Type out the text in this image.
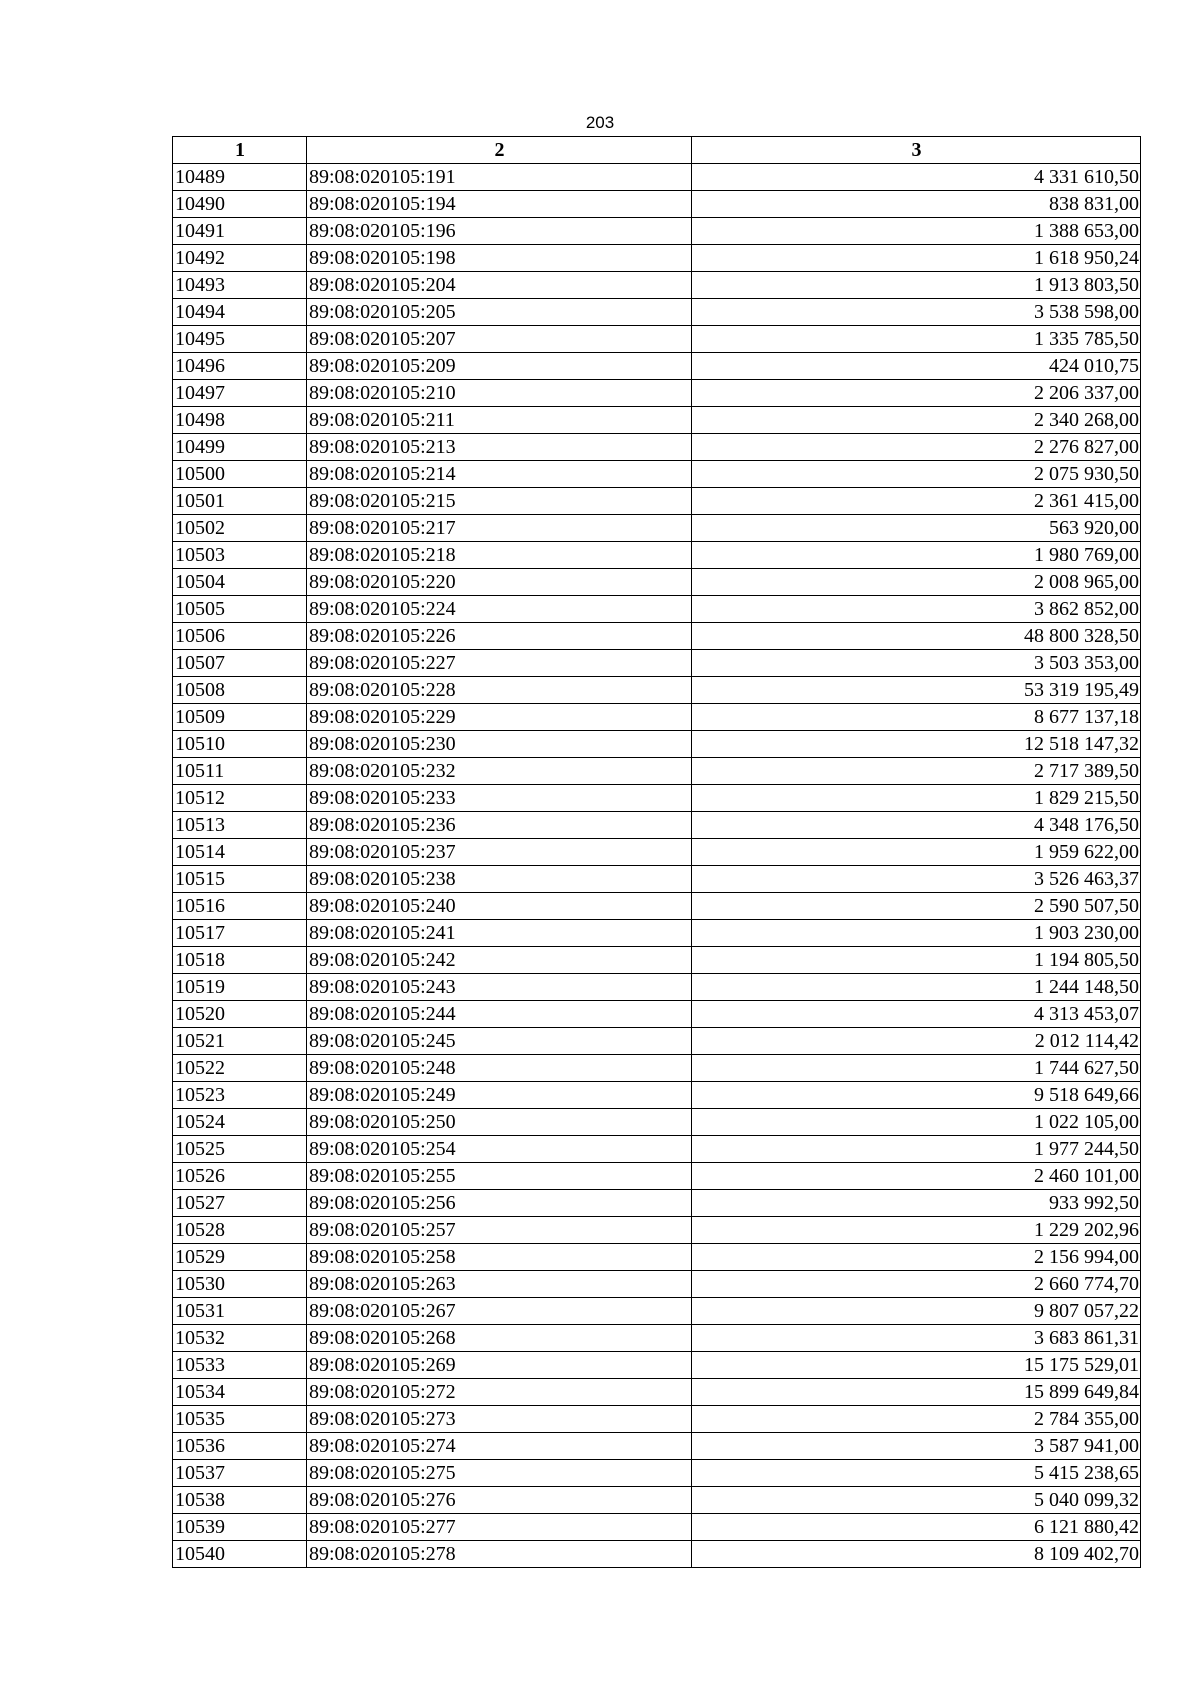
203
1	2	3
10489	89:08:020105:191	4 331 610,50
10490	89:08:020105:194	838 831,00
10491	89:08:020105:196	1 388 653,00
10492	89:08:020105:198	1 618 950,24
10493	89:08:020105:204	1 913 803,50
10494	89:08:020105:205	3 538 598,00
10495	89:08:020105:207	1 335 785,50
10496	89:08:020105:209	424 010,75
10497	89:08:020105:210	2 206 337,00
10498	89:08:020105:211	2 340 268,00
10499	89:08:020105:213	2 276 827,00
10500	89:08:020105:214	2 075 930,50
10501	89:08:020105:215	2 361 415,00
10502	89:08:020105:217	563 920,00
10503	89:08:020105:218	1 980 769,00
10504	89:08:020105:220	2 008 965,00
10505	89:08:020105:224	3 862 852,00
10506	89:08:020105:226	48 800 328,50
10507	89:08:020105:227	3 503 353,00
10508	89:08:020105:228	53 319 195,49
10509	89:08:020105:229	8 677 137,18
10510	89:08:020105:230	12 518 147,32
10511	89:08:020105:232	2 717 389,50
10512	89:08:020105:233	1 829 215,50
10513	89:08:020105:236	4 348 176,50
10514	89:08:020105:237	1 959 622,00
10515	89:08:020105:238	3 526 463,37
10516	89:08:020105:240	2 590 507,50
10517	89:08:020105:241	1 903 230,00
10518	89:08:020105:242	1 194 805,50
10519	89:08:020105:243	1 244 148,50
10520	89:08:020105:244	4 313 453,07
10521	89:08:020105:245	2 012 114,42
10522	89:08:020105:248	1 744 627,50
10523	89:08:020105:249	9 518 649,66
10524	89:08:020105:250	1 022 105,00
10525	89:08:020105:254	1 977 244,50
10526	89:08:020105:255	2 460 101,00
10527	89:08:020105:256	933 992,50
10528	89:08:020105:257	1 229 202,96
10529	89:08:020105:258	2 156 994,00
10530	89:08:020105:263	2 660 774,70
10531	89:08:020105:267	9 807 057,22
10532	89:08:020105:268	3 683 861,31
10533	89:08:020105:269	15 175 529,01
10534	89:08:020105:272	15 899 649,84
10535	89:08:020105:273	2 784 355,00
10536	89:08:020105:274	3 587 941,00
10537	89:08:020105:275	5 415 238,65
10538	89:08:020105:276	5 040 099,32
10539	89:08:020105:277	6 121 880,42
10540	89:08:020105:278	8 109 402,70
